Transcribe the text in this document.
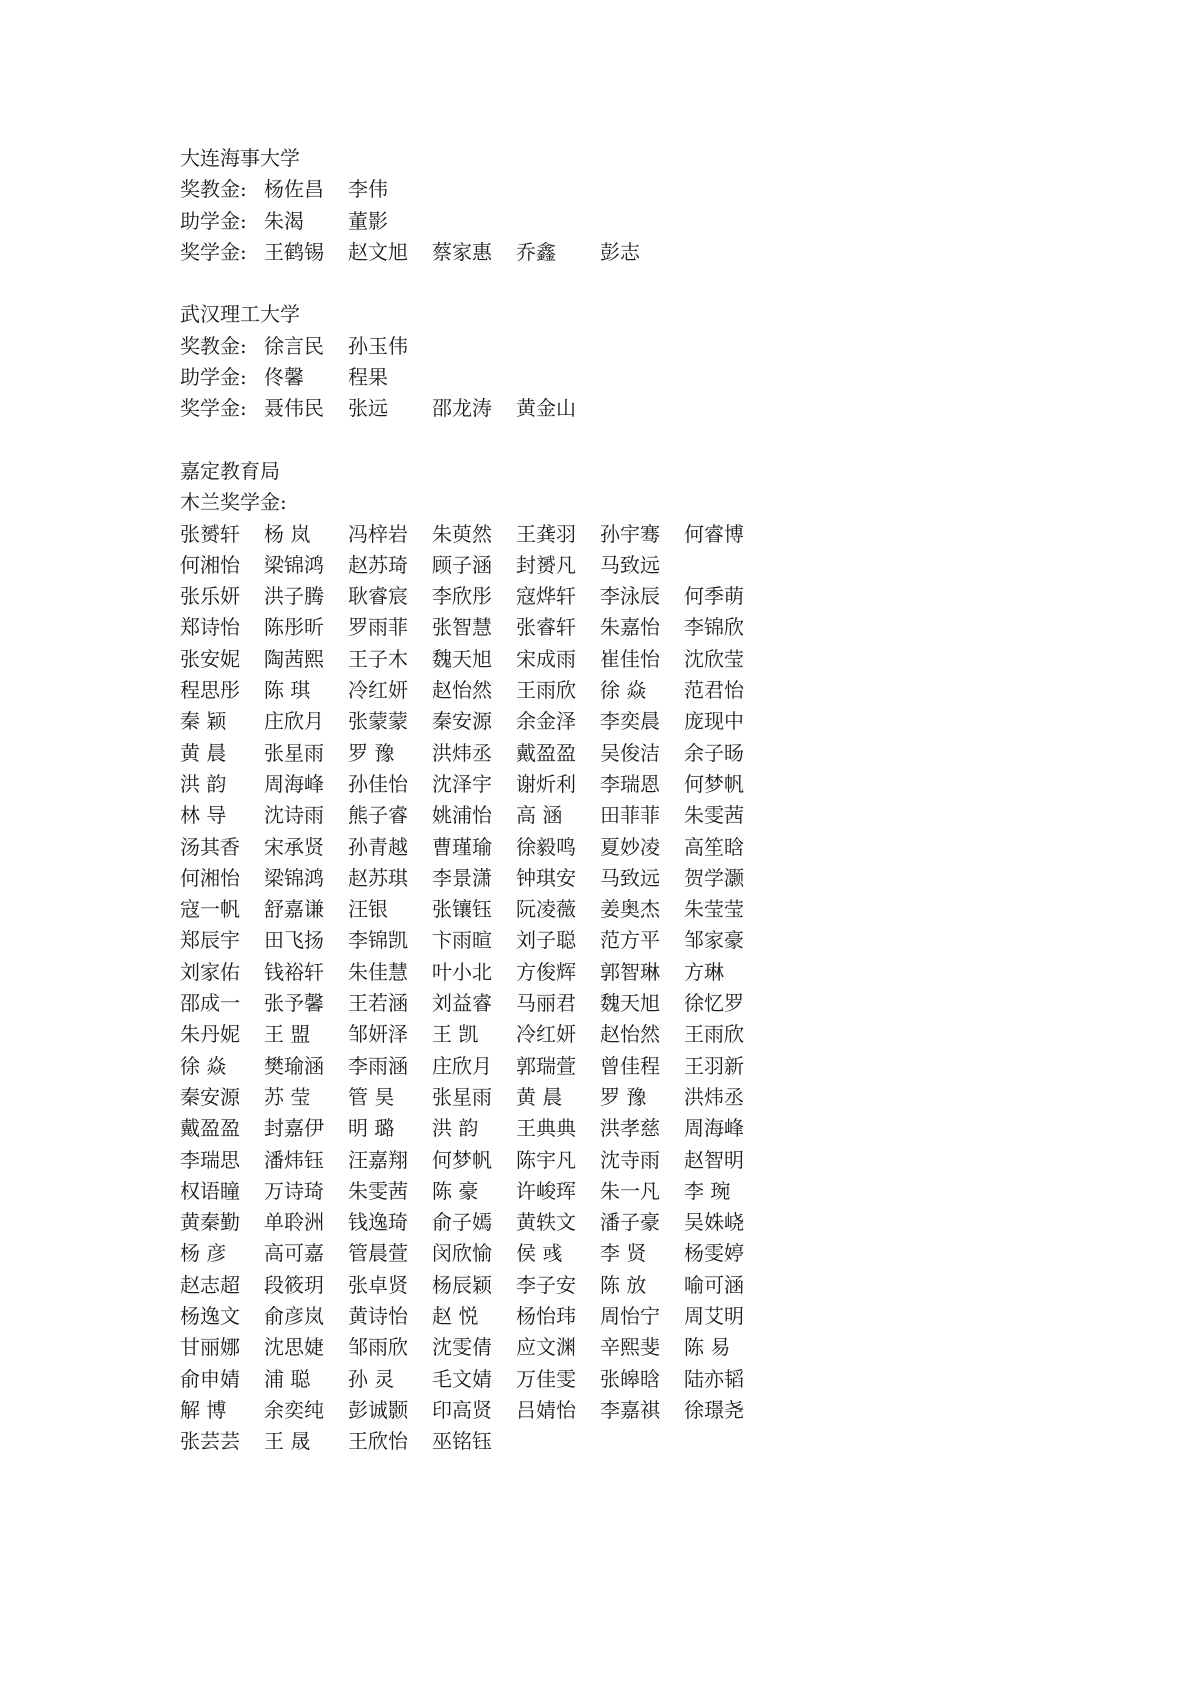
大连海事大学
奖教金: 杨佐昌 李伟
助学金: 朱渴 董影
奖学金: 王鹤锡 赵文旭 蔡家惠 乔鑫 彭志
武汉理工大学
奖教金: 徐言民 孙玉伟
助学金: 佟馨 程果
奖学金: 聂伟民 张远 邵龙涛 黄金山
嘉定教育局
木兰奖学金:
张赟轩 杨 岚 冯梓岩 朱萸然 王龚羽 孙宇骞 何睿博
何湘怡 梁锦鸿 赵苏琦 顾子涵 封赟凡 马致远
张乐妍 洪子腾 耿睿宸 李欣彤 寇烨轩 李泳辰 何季萌
郑诗怡 陈彤昕 罗雨菲 张智慧 张睿轩 朱嘉怡 李锦欣
张安妮 陶茜熙 王子木 魏天旭 宋成雨 崔佳怡 沈欣莹
程思彤 陈 琪 冷红妍 赵怡然 王雨欣 徐 焱 范君怡
秦 颖 庄欣月 张蒙蒙 秦安源 余金泽 李奕晨 庞现中
黄 晨 张星雨 罗 豫 洪炜丞 戴盈盈 吴俊洁 余子旸
洪 韵 周海峰 孙佳怡 沈泽宇 谢炘利 李瑞恩 何梦帆
林 导 沈诗雨 熊子睿 姚浦怡 高 涵 田菲菲 朱雯茜
汤其香 宋承贤 孙青越 曹瑾瑜 徐毅鸣 夏妙凌 高笙晗
何湘怡 梁锦鸿 赵苏琪 李景潇 钟琪安 马致远 贺学灏
寇一帆 舒嘉谦 汪银 张镶钰 阮凌薇 姜奥杰 朱莹莹
郑辰宇 田飞扬 李锦凯 卞雨暄 刘子聪 范方平 邹家豪
刘家佑 钱裕轩 朱佳慧 叶小北 方俊辉 郭智琳 方琳
邵成一 张予馨 王若涵 刘益睿 马丽君 魏天旭 徐忆罗
朱丹妮 王 盟 邹妍泽 王 凯 冷红妍 赵怡然 王雨欣
徐 焱 樊瑜涵 李雨涵 庄欣月 郭瑞萱 曾佳程 王羽新
秦安源 苏 莹 管 昊 张星雨 黄 晨 罗 豫 洪炜丞
戴盈盈 封嘉伊 明 璐 洪 韵 王典典 洪孝慈 周海峰
李瑞思 潘炜钰 汪嘉翔 何梦帆 陈宇凡 沈寺雨 赵智明
权语瞳 万诗琦 朱雯茜 陈 豪 许峻珲 朱一凡 李 琬
黄秦勤 单聆洲 钱逸琦 俞子嫣 黄轶文 潘子豪 吴姝峣
杨 彦 高可嘉 管晨萱 闵欣愉 侯 彧 李 贤 杨雯婷
赵志超 段筱玥 张卓贤 杨辰颖 李子安 陈 放 喻可涵
杨逸文 俞彦岚 黄诗怡 赵 悦 杨怡玮 周怡宁 周艾明
甘丽娜 沈思婕 邹雨欣 沈雯倩 应文渊 辛熙斐 陈 易
俞申婧 浦 聪 孙 灵 毛文婧 万佳雯 张皞晗 陆亦韬
解 博 余奕纯 彭诚颢 印高贤 吕婧怡 李嘉祺 徐璟尧
张芸芸 王 晟 王欣怡 巫铭钰
